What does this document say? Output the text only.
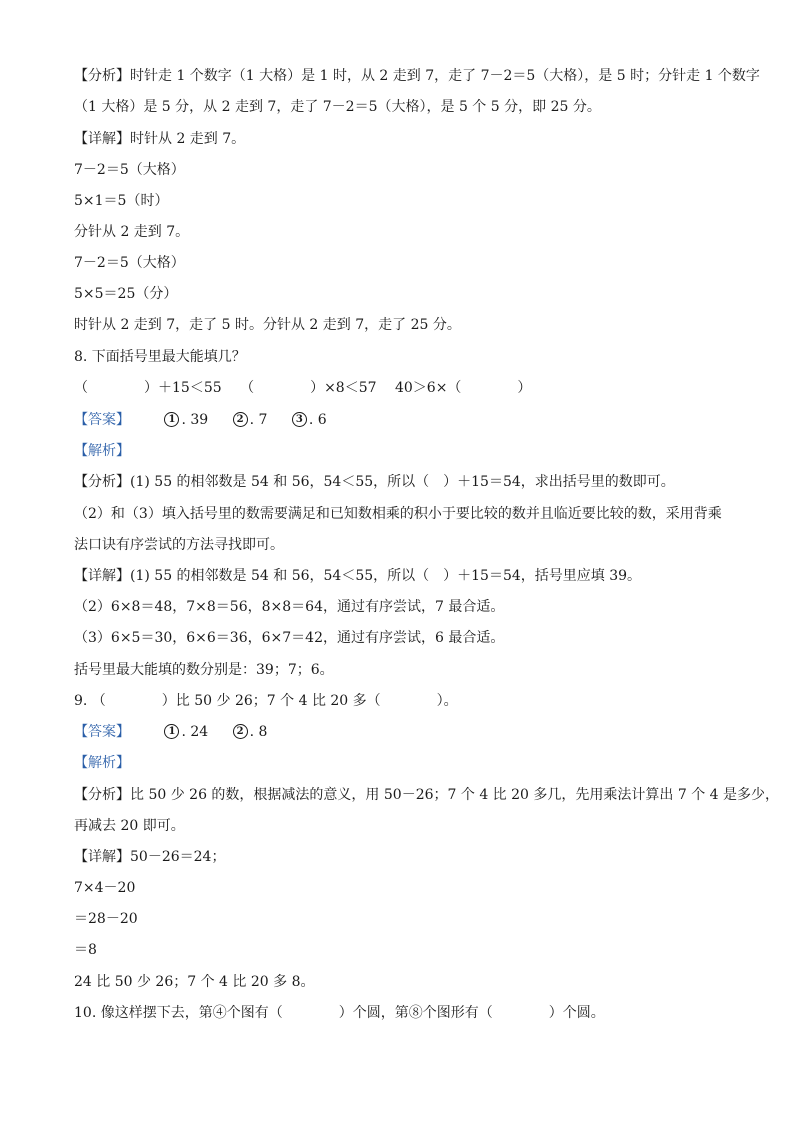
【分析】时针走 1 个数字（1 大格）是 1 时，从 2 走到 7，走了 7－2＝5（大格），是 5 时；分针走 1 个数字
（1 大格）是 5 分，从 2 走到 7，走了 7－2＝5（大格），是 5 个 5 分，即 25 分。
【详解】时针从 2 走到 7。
7－2＝5（大格）
5×1＝5（时）
分针从 2 走到 7。
7－2＝5（大格）
5×5＝25（分）
时针从 2 走到 7，走了 5 时。分针从 2 走到 7，走了 25 分。
8. 下面括号里最大能填几？
（　　　　）＋15＜55　 （　　　　）×8＜57　 40＞6×（　　　　）
【答案】	1 . 39	2 . 7	3 . 6
【解析】
【分析】(1) 55 的相邻数是 54 和 56，54＜55，所以（　）＋15＝54，求出括号里的数即可。
（2）和（3）填入括号里的数需要满足和已知数相乘的积小于要比较的数并且临近要比较的数，采用背乘
法口诀有序尝试的方法寻找即可。
【详解】(1) 55 的相邻数是 54 和 56，54＜55，所以（　）＋15＝54，括号里应填 39。
（2）6×8＝48，7×8＝56，8×8＝64，通过有序尝试，7 最合适。
（3）6×5＝30，6×6＝36，6×7＝42，通过有序尝试，6 最合适。
括号里最大能填的数分别是：39；7；6。
9. （　　　　）比 50 少 26；7 个 4 比 20 多（　　　　）。
【答案】	1 . 24	2 . 8
【解析】
【分析】比 50 少 26 的数，根据减法的意义，用 50－26；7 个 4 比 20 多几，先用乘法计算出 7 个 4 是多少，
再减去 20 即可。
【详解】50－26＝24；
7×4－20
＝28－20
＝8
24 比 50 少 26；7 个 4 比 20 多 8。
10. 像这样摆下去，第④个图有（　　　　）个圆，第⑧个图形有（　　　　）个圆。
